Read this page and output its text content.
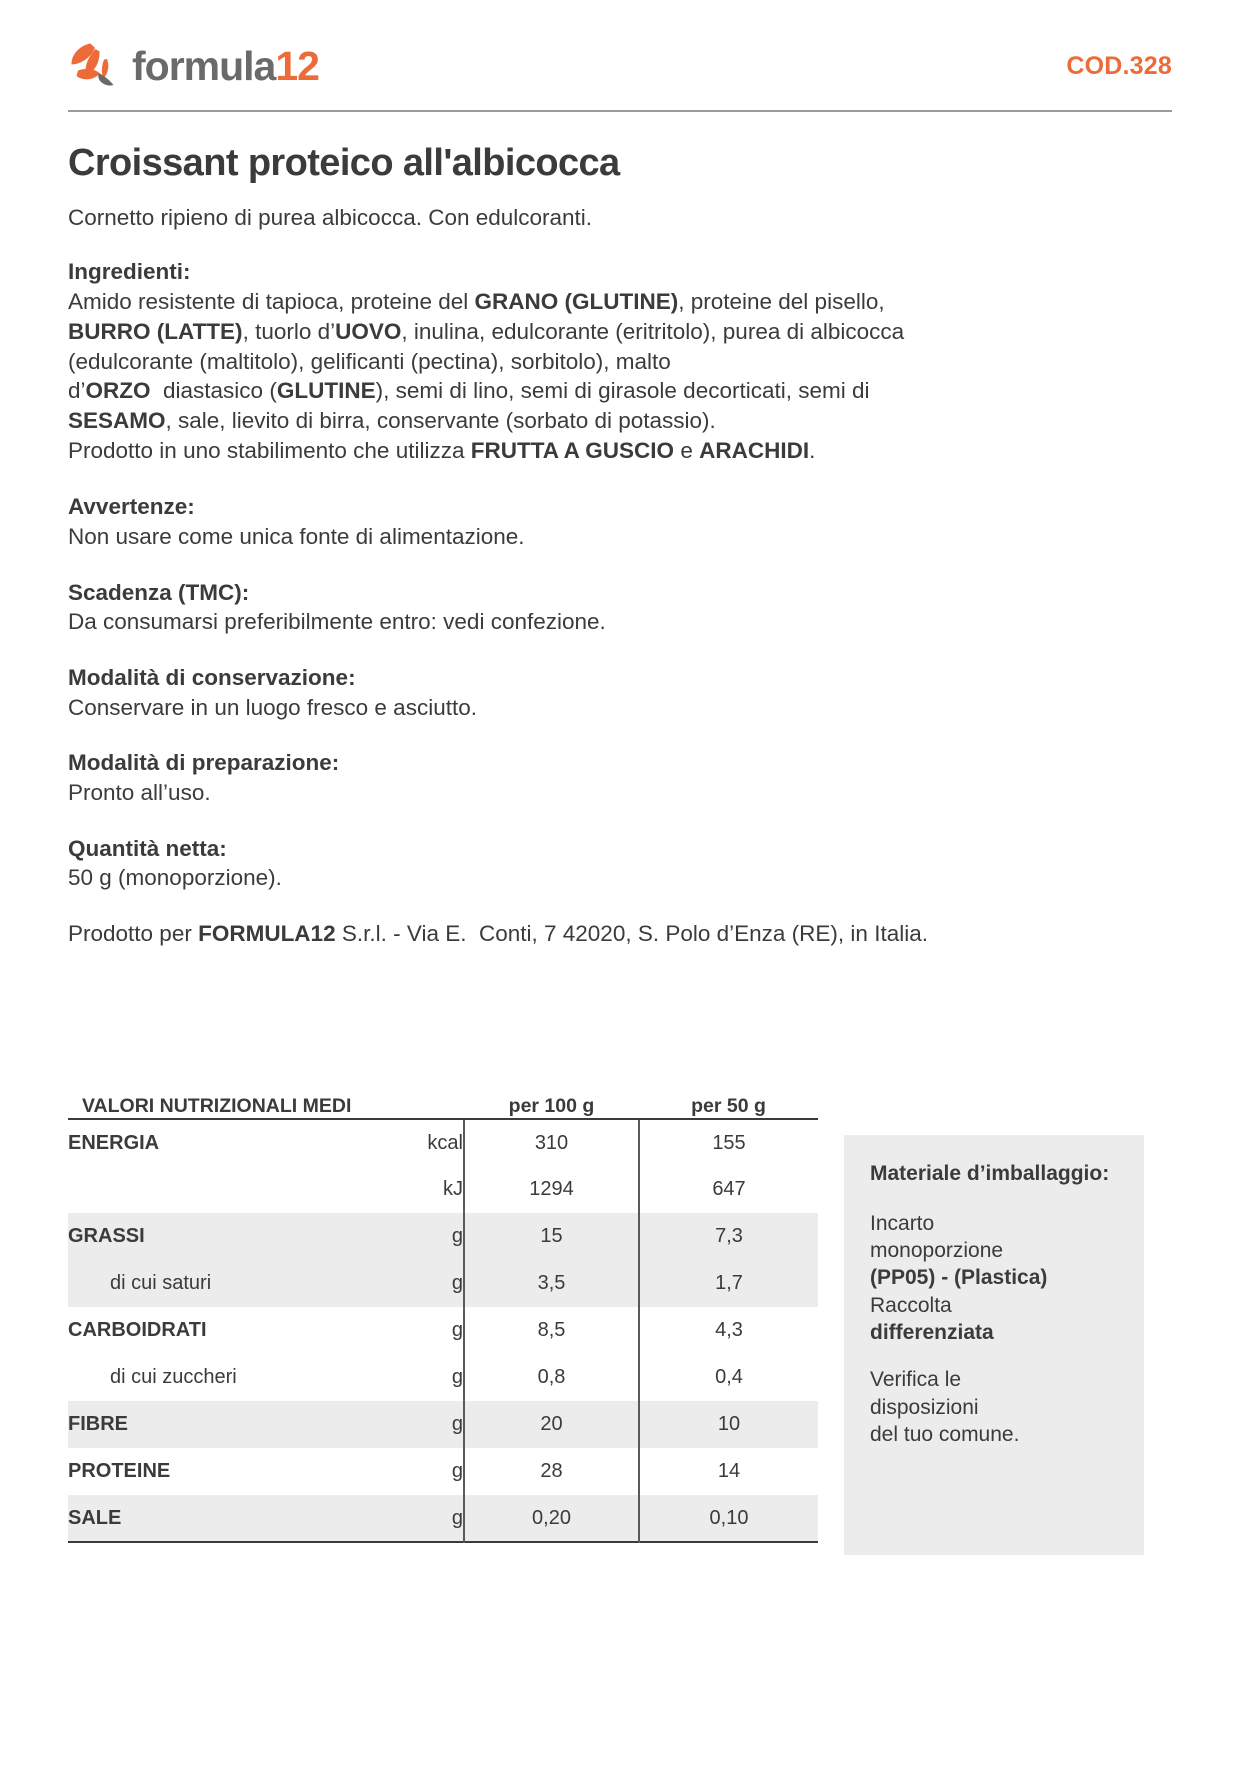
formula12	COD.328
Croissant proteico all'albicocca
Cornetto ripieno di purea albicocca. Con edulcoranti.
Ingredienti:
Amido resistente di tapioca, proteine del GRANO (GLUTINE), proteine del pisello,
BURRO (LATTE), tuorlo d’UOVO, inulina, edulcorante (eritritolo), purea di albicocca
(edulcorante (maltitolo), gelificanti (pectina), sorbitolo), malto
d’ORZO  diastasico (GLUTINE), semi di lino, semi di girasole decorticati, semi di
SESAMO, sale, lievito di birra, conservante (sorbato di potassio).
Prodotto in uno stabilimento che utilizza FRUTTA A GUSCIO e ARACHIDI.
Avvertenze:
Non usare come unica fonte di alimentazione.
Scadenza (TMC):
Da consumarsi preferibilmente entro: vedi confezione.
Modalità di conservazione:
Conservare in un luogo fresco e asciutto.
Modalità di preparazione:
Pronto all’uso.
Quantità netta:
50 g (monoporzione).
Prodotto per FORMULA12 S.r.l. - Via E.  Conti, 7 42020, S. Polo d’Enza (RE), in Italia.
VALORI NUTRIZIONALI MEDI		per 100 g	per 50 g

ENERGIA	kcal	310	155
	kJ	1294	647
GRASSI	g	15	7,3
di cui saturi	g	3,5	1,7
CARBOIDRATI	g	8,5	4,3
di cui zuccheri	g	0,8	0,4
FIBRE	g	20	10
PROTEINE	g	28	14
SALE	g	0,20	0,10

Materiale d’imballaggio:

Incarto
monoporzione
(PP05) - (Plastica)
Raccolta
differenziata

Verifica le
disposizioni
del tuo comune.
